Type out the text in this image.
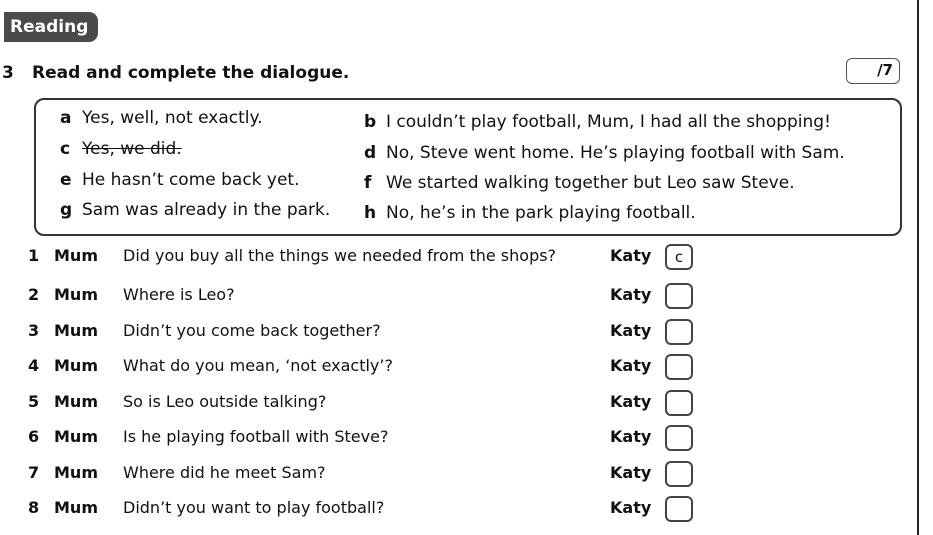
Reading
3 Read and complete the dialogue.	/7
a Yes, well, not exactly.	b I couldn’t play football, Mum, I had all the shopping!
c Yes, we did.	d No, Steve went home. He’s playing football with Sam.
e He hasn’t come back yet.	f We started walking together but Leo saw Steve.
g Sam was already in the park. h No, he’s in the park playing football.
1 Mum Did you buy all the things we needed from the shops?	Katy	c
2 Mum Where is Leo?	Katy
3 Mum Didn’t you come back together?	Katy
4 Mum What do you mean, ‘not exactly’?	Katy
5 Mum So is Leo outside talking?	Katy
6 Mum Is he playing football with Steve?	Katy
7 Mum Where did he meet Sam?	Katy
8 Mum Didn’t you want to play football?	Katy
